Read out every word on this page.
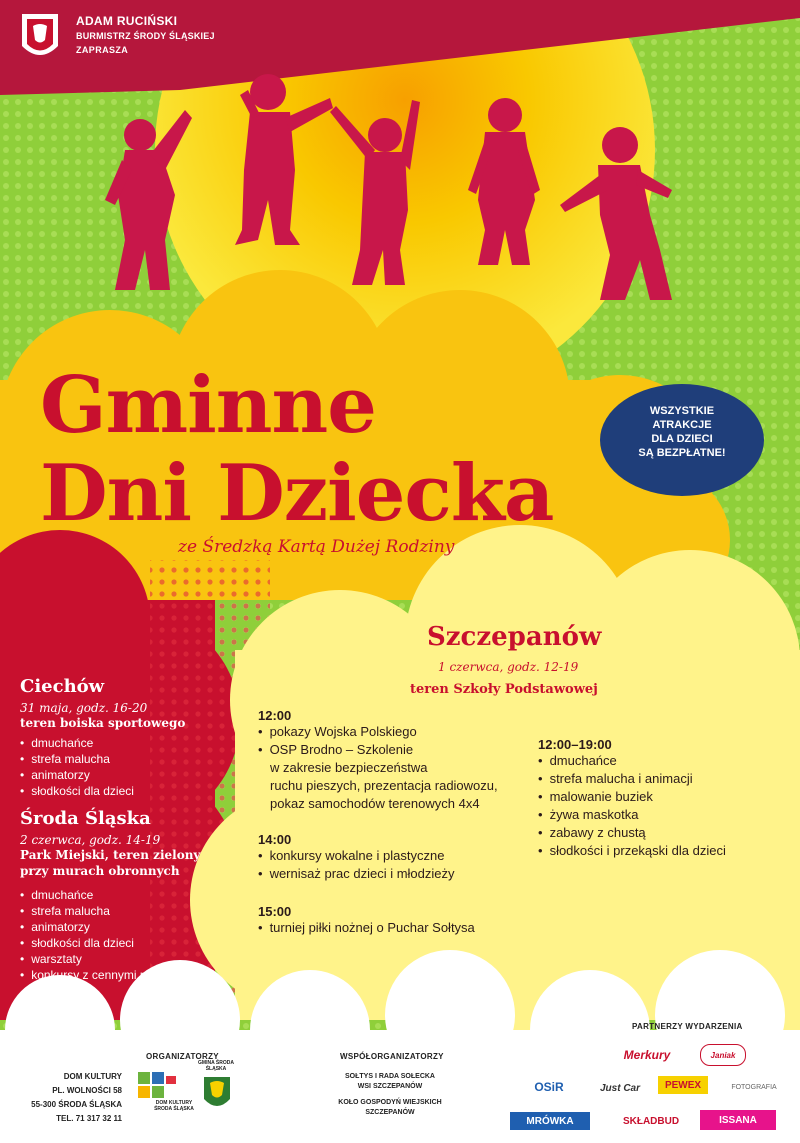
ADAM RUCIŃSKI
BURMISTRZ ŚRODY ŚLĄSKIEJ
ZAPRASZA
Gminne
Dni Dziecka
ze Średzką Kartą Dużej Rodziny
WSZYSTKIE
ATRAKCJE
DLA DZIECI
SĄ BEZPŁATNE!
Ciechów
31 maja, godz. 16-20
teren boiska sportowego
• dmuchańce
• strefa malucha
• animatorzy
• słodkości dla dzieci
Środa Śląska
2 czerwca, godz. 14-19
Park Miejski, teren zielony
przy murach obronnych
• dmuchańce
• strefa malucha
• animatorzy
• słodkości dla dzieci
• warsztaty
• konkursy z cennymi nagrodami
Szczepanów
1 czerwca, godz. 12-19
teren Szkoły Podstawowej
12:00
• pokazy Wojska Polskiego
• OSP Brodno – Szkolenie
w zakresie bezpieczeństwa
ruchu pieszych, prezentacja radiowozu,
pokaz samochodów terenowych 4x4
14:00
• konkursy wokalne i plastyczne
• wernisaż prac dzieci i młodzieży
15:00
• turniej piłki nożnej o Puchar Sołtysa
12:00–19:00
• dmuchańce
• strefa malucha i animacji
• malowanie buziek
• żywa maskotka
• zabawy z chustą
• słodkości i przekąski dla dzieci
DOM KULTURY
PL. WOLNOŚCI 58
55-300 ŚRODA ŚLĄSKA
TEL. 71 317 32 11
ORGANIZATORZY
DOM KULTURY ŚRODA ŚLĄSKA
GMINA ŚRODA ŚLĄSKA
WSPÓŁORGANIZATORZY
SOŁTYS I RADA SOŁECKA
WSI SZCZEPANÓW
KOŁO GOSPODYŃ WIEJSKICH
SZCZEPANÓW
PARTNERZY WYDARZENIA
Merkury	Janiak
OSiR	Just Car	PEWEX	FOTOGRAFIA
MRÓWKA	SKŁADBUD	ISSANA
